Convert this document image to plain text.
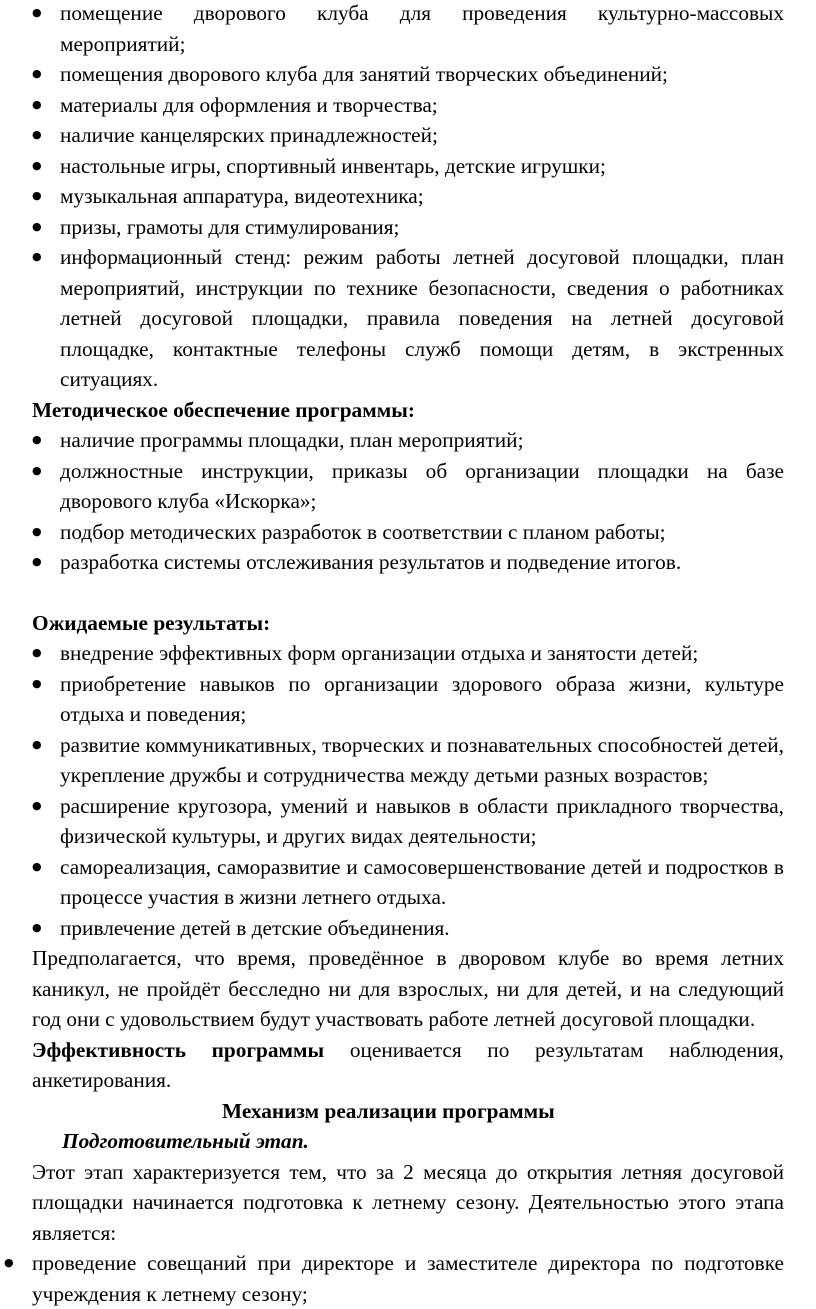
● помещение дворового клуба для проведения культурно-массовых мероприятий;
● помещения дворового клуба для занятий творческих объединений;
● материалы для оформления и творчества;
● наличие канцелярских принадлежностей;
● настольные игры, спортивный инвентарь, детские игрушки;
● музыкальная аппаратура, видеотехника;
● призы, грамоты для стимулирования;
● информационный стенд: режим работы летней досуговой площадки, план мероприятий, инструкции по технике безопасности, сведения о работниках летней досуговой площадки, правила поведения на летней досуговой площадке, контактные телефоны служб помощи детям, в экстренных ситуациях.
Методическое обеспечение программы:
● наличие программы площадки, план мероприятий;
● должностные инструкции, приказы об организации площадки на базе дворового клуба «Искорка»;
● подбор методических разработок в соответствии с планом работы;
● разработка системы отслеживания результатов и подведение итогов.
Ожидаемые результаты:
● внедрение эффективных форм организации отдыха и занятости детей;
● приобретение навыков по организации здорового образа жизни, культуре отдыха и поведения;
● развитие коммуникативных, творческих и познавательных способностей детей, укрепление дружбы и сотрудничества между детьми разных возрастов;
● расширение кругозора, умений и навыков в области прикладного творчества, физической культуры, и других видах деятельности;
● самореализация, саморазвитие и самосовершенствование детей и подростков в процессе участия в жизни летнего отдыха.
● привлечение детей в детские объединения.

Предполагается, что время, проведённое в дворовом клубе во время летних каникул, не пройдёт бесследно ни для взрослых, ни для детей, и на следующий год они с удовольствием будут участвовать работе летней досуговой площадки.

Эффективность программы оценивается по результатам наблюдения, анкетирования.

Механизм реализации программы
Подготовительный этап.

Этот этап характеризуется тем, что за 2 месяца до открытия летняя досуговой площадки начинается подготовка к летнему сезону. Деятельностью этого этапа является:

● проведение совещаний при директоре и заместителе директора по подготовке учреждения к летнему сезону;
